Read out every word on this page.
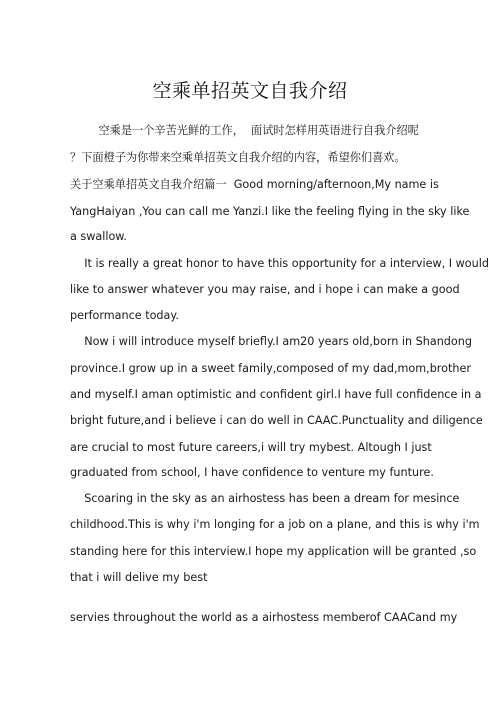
空乘单招英文自我介绍
空乘是一个辛苦光鲜的工作，  面试时怎样用英语进行自我介绍呢
？下面橙子为你带来空乘单招英文自我介绍的内容，希望你们喜欢。
关于空乘单招英文自我介绍篇一  Good morning/afternoon,My name is
YangHaiyan ,You can call me Yanzi.I like the feeling flying in the sky like
a swallow.
It is really a great honor to have this opportunity for a interview, I would
like to answer whatever you may raise, and i hope i can make a good
performance today.
Now i will introduce myself briefly.I am20 years old,born in Shandong
province.I grow up in a sweet family,composed of my dad,mom,brother
and myself.I aman optimistic and confident girl.I have full confidence in a
bright future,and i believe i can do well in CAAC.Punctuality and diligence
are crucial to most future careers,i will try mybest. Altough I just
graduated from school, I have confidence to venture my funture.
Scoaring in the sky as an airhostess has been a dream for mesince
childhood.This is why i'm longing for a job on a plane, and this is why i'm
standing here for this interview.I hope my application will be granted ,so
that i will delive my best
servies throughout the world as a airhostess memberof CAACand my
